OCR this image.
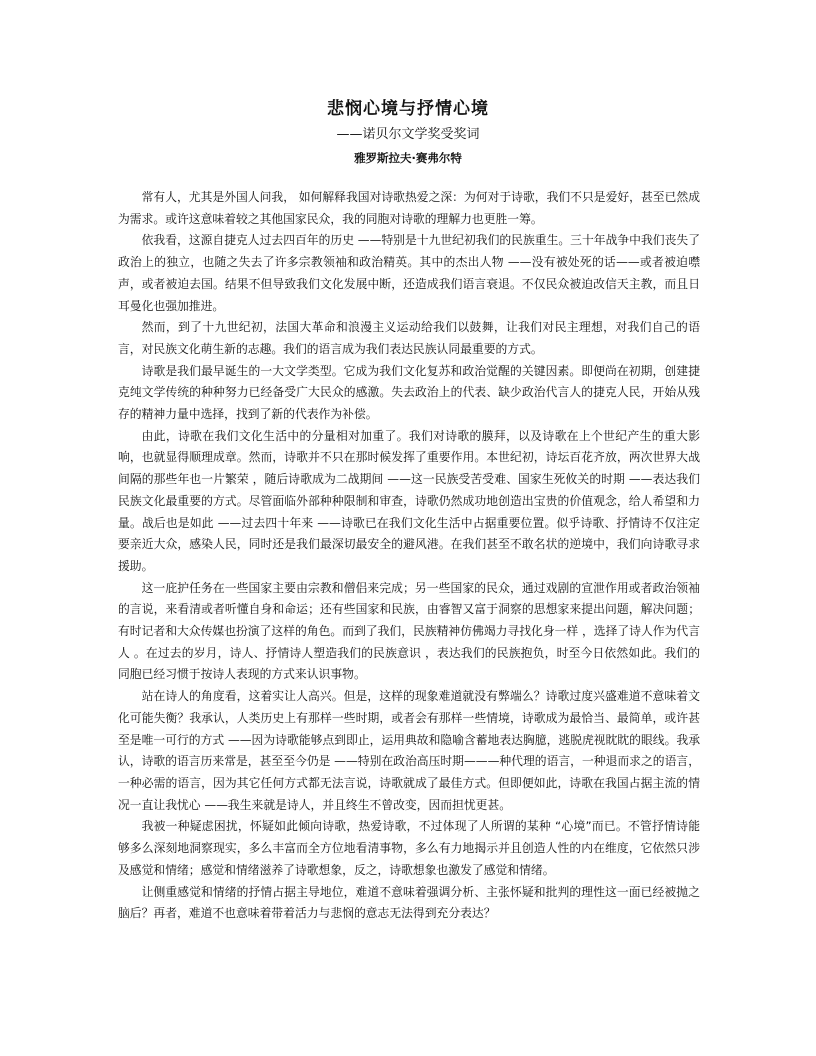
悲悯心境与抒情心境
——诺贝尔文学奖受奖词
雅罗斯拉夫·赛弗尔特

常有人，尤其是外国人问我， 如何解释我国对诗歌热爱之深：为何对于诗歌，我们不只是爱好，甚至已然成为需求。或许这意味着较之其他国家民众，我的同胞对诗歌的理解力也更胜一筹。

依我看，这源自捷克人过去四百年的历史 ——特别是十九世纪初我们的民族重生。三十年战争中我们丧失了政治上的独立，也随之失去了许多宗教领袖和政治精英。其中的杰出人物 ——没有被处死的话——或者被迫噤声，或者被迫去国。结果不但导致我们文化发展中断，还造成我们语言衰退。不仅民众被迫改信天主教，而且日耳曼化也强加推进。

然而，到了十九世纪初，法国大革命和浪漫主义运动给我们以鼓舞，让我们对民主理想，对我们自己的语言，对民族文化萌生新的志趣。我们的语言成为我们表达民族认同最重要的方式。

诗歌是我们最早诞生的一大文学类型。它成为我们文化复苏和政治觉醒的关键因素。即便尚在初期，创建捷克纯文学传统的种种努力已经备受广大民众的感激。失去政治上的代表、缺少政治代言人的捷克人民，开始从残存的精神力量中选择，找到了新的代表作为补偿。

由此，诗歌在我们文化生活中的分量相对加重了。我们对诗歌的膜拜，以及诗歌在上个世纪产生的重大影响，也就显得顺理成章。然而，诗歌并不只在那时候发挥了重要作用。本世纪初，诗坛百花齐放，两次世界大战间隔的那些年也一片繁荣 ，随后诗歌成为二战期间 ——这一民族受苦受难、国家生死攸关的时期 ——表达我们民族文化最重要的方式。尽管面临外部种种限制和审查，诗歌仍然成功地创造出宝贵的价值观念，给人希望和力量。战后也是如此 ——过去四十年来 ——诗歌已在我们文化生活中占据重要位置。似乎诗歌、抒情诗不仅注定要亲近大众，感染人民，同时还是我们最深切最安全的避风港。在我们甚至不敢名状的逆境中，我们向诗歌寻求援助。

这一庇护任务在一些国家主要由宗教和僧侣来完成；另一些国家的民众，通过戏剧的宣泄作用或者政治领袖的言说，来看清或者听懂自身和命运；还有些国家和民族，由睿智又富于洞察的思想家来提出问题，解决问题；有时记者和大众传媒也扮演了这样的角色。而到了我们，民族精神仿佛竭力寻找化身一样 ，选择了诗人作为代言人 。在过去的岁月，诗人、抒情诗人塑造我们的民族意识 ，表达我们的民族抱负，时至今日依然如此。我们的同胞已经习惯于按诗人表现的方式来认识事物。

站在诗人的角度看，这着实让人高兴。但是，这样的现象难道就没有弊端么？诗歌过度兴盛难道不意味着文化可能失衡？我承认，人类历史上有那样一些时期，或者会有那样一些情境，诗歌成为最恰当、最简单，或许甚至是唯一可行的方式 ——因为诗歌能够点到即止，运用典故和隐喻含蓄地表达胸臆，逃脱虎视眈眈的眼线。我承认，诗歌的语言历来常是，甚至至今仍是 ——特别在政治高压时期———种代理的语言，一种退而求之的语言，一种必需的语言，因为其它任何方式都无法言说，诗歌就成了最佳方式。但即便如此，诗歌在我国占据主流的情况一直让我忧心 ——我生来就是诗人，并且终生不曾改变，因而担忧更甚。

我被一种疑虑困扰，怀疑如此倾向诗歌，热爱诗歌，不过体现了人所谓的某种 “心境”而已。不管抒情诗能够多么深刻地洞察现实，多么丰富而全方位地看清事物，多么有力地揭示并且创造人性的内在维度，它依然只涉及感觉和情绪；感觉和情绪滋养了诗歌想象，反之，诗歌想象也激发了感觉和情绪。

让侧重感觉和情绪的抒情占据主导地位，难道不意味着强调分析、主张怀疑和批判的理性这一面已经被抛之脑后？再者，难道不也意味着带着活力与悲悯的意志无法得到充分表达？
